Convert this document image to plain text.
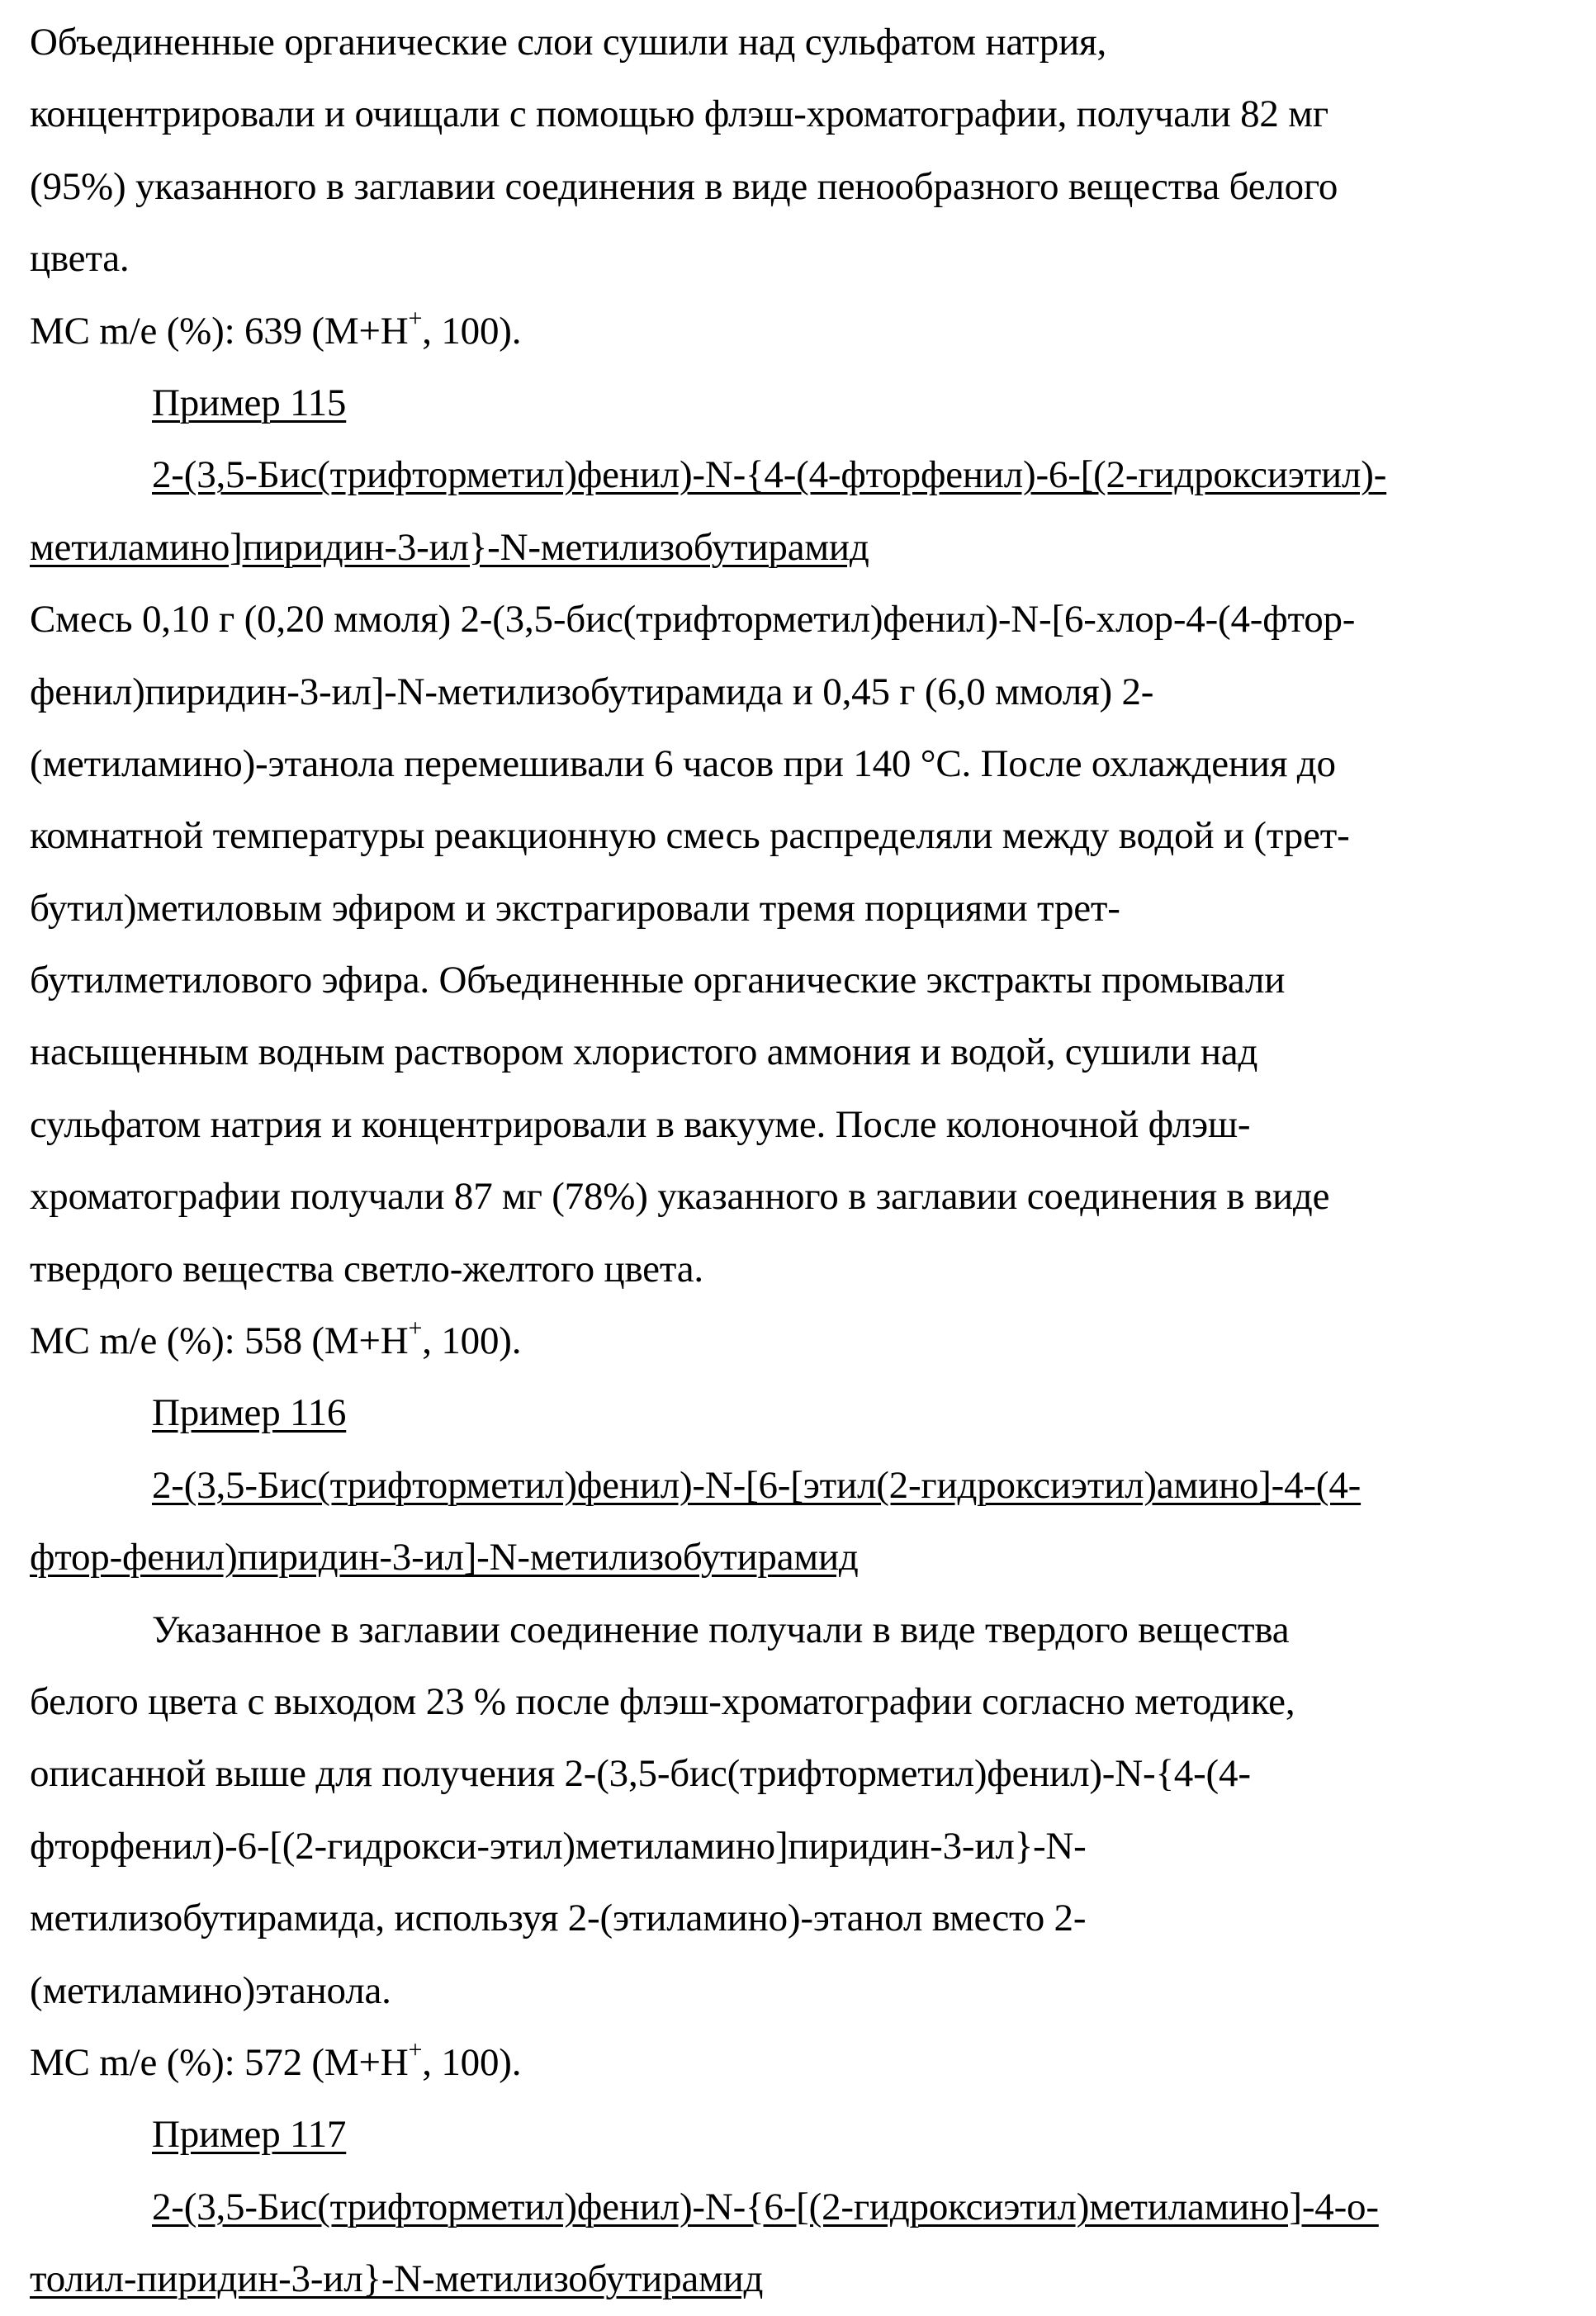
Объединенные органические слои сушили над сульфатом натрия,
концентрировали и очищали с помощью флэш-хроматографии, получали 82 мг
(95%) указанного в заглавии соединения в виде пенообразного вещества белого
цвета.
МС m/e (%): 639 (М+Н+, 100).
Пример 115
2-(3,5-Бис(трифторметил)фенил)-N-{4-(4-фторфенил)-6-[(2-гидроксиэтил)-
метиламино]пиридин-3-ил}-N-метилизобутирамид
Смесь 0,10 г (0,20 ммоля) 2-(3,5-бис(трифторметил)фенил)-N-[6-хлор-4-(4-фтор-
фенил)пиридин-3-ил]-N-метилизобутирамида и 0,45 г (6,0 ммоля) 2-
(метиламино)-этанола перемешивали 6 часов при 140 °С. После охлаждения до
комнатной температуры реакционную смесь распределяли между водой и (трет-
бутил)метиловым эфиром и экстрагировали тремя порциями трет-
бутилметилового эфира. Объединенные органические экстракты промывали
насыщенным водным раствором хлористого аммония и водой, сушили над
сульфатом натрия и концентрировали в вакууме. После колоночной флэш-
хроматографии получали 87 мг (78%) указанного в заглавии соединения в виде
твердого вещества светло-желтого цвета.
МС m/e (%): 558 (М+Н+, 100).
Пример 116
2-(3,5-Бис(трифторметил)фенил)-N-[6-[этил(2-гидроксиэтил)амино]-4-(4-
фтор-фенил)пиридин-3-ил]-N-метилизобутирамид
Указанное в заглавии соединение получали в виде твердого вещества
белого цвета с выходом 23 % после флэш-хроматографии согласно методике,
описанной выше для получения 2-(3,5-бис(трифторметил)фенил)-N-{4-(4-
фторфенил)-6-[(2-гидрокси-этил)метиламино]пиридин-3-ил}-N-
метилизобутирамида, используя 2-(этиламино)-этанол вместо 2-
(метиламино)этанола.
МС m/e (%): 572 (М+Н+, 100).
Пример 117
2-(3,5-Бис(трифторметил)фенил)-N-{6-[(2-гидроксиэтил)метиламино]-4-о-
толил-пиридин-3-ил}-N-метилизобутирамид
